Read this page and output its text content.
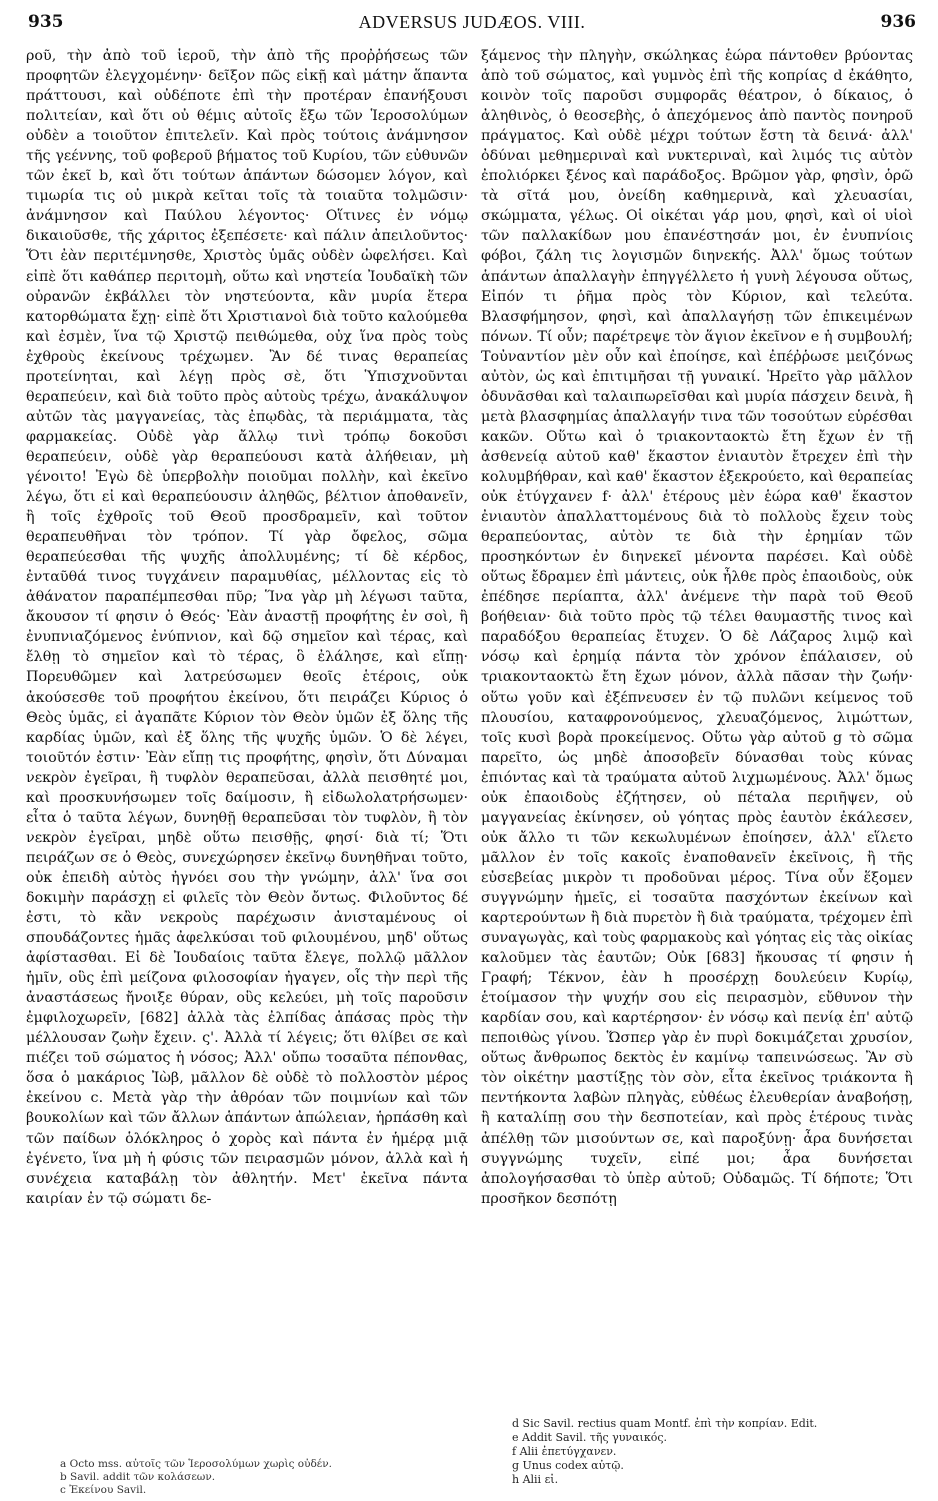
935	ADVERSUS JUDÆOS. VIII.	936

ροῦ, τὴν ἀπὸ τοῦ ἱεροῦ, τὴν ἀπὸ τῆς προῤῥήσεως τῶν προφητῶν ἐλεγχομένην· δεῖξον πῶς εἰκῇ καὶ μάτην ἅπαντα πράττουσι, καὶ οὐδέποτε ἐπὶ τὴν προτέραν ἐπανήξουσι πολιτείαν, καὶ ὅτι οὐ θέμις αὐτοῖς ἔξω τῶν Ἱεροσολύμων οὐδὲν a τοιοῦτον ἐπιτελεῖν. Καὶ πρὸς τούτοις ἀνάμνησον τῆς γεέννης, τοῦ φοβεροῦ βήματος τοῦ Κυρίου, τῶν εὐθυνῶν τῶν ἐκεῖ b, καὶ ὅτι τούτων ἁπάντων δώσομεν λόγον, καὶ τιμωρία τις οὐ μικρὰ κεῖται τοῖς τὰ τοιαῦτα τολμῶσιν· ἀνάμνησον καὶ Παύλου λέγοντος· Οἵτινες ἐν νόμῳ δικαιοῦσθε, τῆς χάριτος ἐξεπέσετε· καὶ πάλιν ἀπειλοῦντος· Ὅτι ἐὰν περιτέμνησθε, Χριστὸς ὑμᾶς οὐδὲν ὠφελήσει. Καὶ εἰπὲ ὅτι καθάπερ περιτομὴ, οὕτω καὶ νηστεία Ἰουδαϊκὴ τῶν οὐρανῶν ἐκβάλλει τὸν νηστεύοντα, κἂν μυρία ἕτερα κατορθώματα ἔχῃ· εἰπὲ ὅτι Χριστιανοὶ διὰ τοῦτο καλούμεθα καὶ ἐσμὲν, ἵνα τῷ Χριστῷ πειθώμεθα, οὐχ ἵνα πρὸς τοὺς ἐχθροὺς ἐκείνους τρέχωμεν. Ἂν δέ τινας θεραπείας προτείνηται, καὶ λέγῃ πρὸς σὲ, ὅτι Ὑπισχνοῦνται θεραπεύειν, καὶ διὰ τοῦτο πρὸς αὐτοὺς τρέχω, ἀνακάλυψον αὐτῶν τὰς μαγγανείας, τὰς ἐπῳδὰς, τὰ περιάμματα, τὰς φαρμακείας. Οὐδὲ γὰρ ἄλλῳ τινὶ τρόπῳ δοκοῦσι θεραπεύειν, οὐδὲ γὰρ θεραπεύουσι κατὰ ἀλήθειαν, μὴ γένοιτο! Ἐγὼ δὲ ὑπερβολὴν ποιοῦμαι πολλὴν, καὶ ἐκεῖνο λέγω, ὅτι εἰ καὶ θεραπεύουσιν ἀληθῶς, βέλτιον ἀποθανεῖν, ἢ τοῖς ἐχθροῖς τοῦ Θεοῦ προσδραμεῖν, καὶ τοῦτον θεραπευθῆναι τὸν τρόπον. Τί γὰρ ὄφελος, σῶμα θεραπεύεσθαι τῆς ψυχῆς ἀπολλυμένης; τί δὲ κέρδος, ἐνταῦθά τινος τυγχάνειν παραμυθίας, μέλλοντας εἰς τὸ ἀθάνατον παραπέμπεσθαι πῦρ; Ἵνα γὰρ μὴ λέγωσι ταῦτα, ἄκουσον τί φησιν ὁ Θεός· Ἐὰν ἀναστῇ προφήτης ἐν σοὶ, ἢ ἐνυπνιαζόμενος ἐνύπνιον, καὶ δῷ σημεῖον καὶ τέρας, καὶ ἔλθῃ τὸ σημεῖον καὶ τὸ τέρας, ὃ ἐλάλησε, καὶ εἴπῃ· Πορευθῶμεν καὶ λατρεύσωμεν θεοῖς ἑτέροις, οὐκ ἀκούσεσθε τοῦ προφήτου ἐκείνου, ὅτι πειράζει Κύριος ὁ Θεὸς ὑμᾶς, εἰ ἀγαπᾶτε Κύριον τὸν Θεὸν ὑμῶν ἐξ ὅλης τῆς καρδίας ὑμῶν, καὶ ἐξ ὅλης τῆς ψυχῆς ὑμῶν. Ὁ δὲ λέγει, τοιοῦτόν ἐστιν· Ἐὰν εἴπῃ τις προφήτης, φησὶν, ὅτι Δύναμαι νεκρὸν ἐγεῖραι, ἢ τυφλὸν θεραπεῦσαι, ἀλλὰ πεισθητέ μοι, καὶ προσκυνήσωμεν τοῖς δαίμοσιν, ἢ εἰδωλολατρήσωμεν· εἶτα ὁ ταῦτα λέγων, δυνηθῇ θεραπεῦσαι τὸν τυφλὸν, ἢ τὸν νεκρὸν ἐγεῖραι, μηδὲ οὕτω πεισθῇς, φησί· διὰ τί; Ὅτι πειράζων σε ὁ Θεὸς, συνεχώρησεν ἐκεῖνῳ δυνηθῆναι τοῦτο, οὐκ ἐπειδὴ αὐτὸς ἠγνόει σου τὴν γνώμην, ἀλλ' ἵνα σοι δοκιμὴν παράσχῃ εἰ φιλεῖς τὸν Θεὸν ὄντως. Φιλοῦντος δέ ἐστι, τὸ κἂν νεκροὺς παρέχωσιν ἀνισταμένους οἱ σπουδάζοντες ἡμᾶς ἀφελκύσαι τοῦ φιλουμένου, μηδ' οὕτως ἀφίστασθαι. Εἰ δὲ Ἰουδαίοις ταῦτα ἔλεγε, πολλῷ μᾶλλον ἡμῖν, οὓς ἐπὶ μείζονα φιλοσοφίαν ἠγαγεν, οἷς τὴν περὶ τῆς ἀναστάσεως ἤνοιξε θύραν, οὓς κελεύει, μὴ τοῖς παροῦσιν ἐμφιλοχωρεῖν, [682] ἀλλὰ τὰς ἐλπίδας ἁπάσας πρὸς τὴν μέλλουσαν ζωὴν ἔχειν. ς'. Ἀλλὰ τί λέγεις; ὅτι θλίβει σε καὶ πιέζει τοῦ σώματος ἡ νόσος; Ἀλλ' οὔπω τοσαῦτα πέπονθας, ὅσα ὁ μακάριος Ἰὼβ, μᾶλλον δὲ οὐδὲ τὸ πολλοστὸν μέρος ἐκείνου c. Μετὰ γὰρ τὴν ἀθρόαν τῶν ποιμνίων καὶ τῶν βουκολίων καὶ τῶν ἄλλων ἁπάντων ἀπώλειαν, ἡρπάσθη καὶ τῶν παίδων ὁλόκληρος ὁ χορὸς καὶ πάντα ἐν ἡμέρᾳ μιᾷ ἐγένετο, ἵνα μὴ ἡ φύσις τῶν πειρασμῶν μόνον, ἀλλὰ καὶ ἡ συνέχεια καταβάλῃ τὸν ἀθλητήν. Μετ' ἐκεῖνα πάντα καιρίαν ἐν τῷ σώματι δε-

ξάμενος τὴν πληγὴν, σκώληκας ἑώρα πάντοθεν βρύοντας ἀπὸ τοῦ σώματος, καὶ γυμνὸς ἐπὶ τῆς κοπρίας d ἐκάθητο, κοινὸν τοῖς παροῦσι συμφορᾶς θέατρον, ὁ δίκαιος, ὁ ἀληθινὸς, ὁ θεοσεβὴς, ὁ ἀπεχόμενος ἀπὸ παντὸς πονηροῦ πράγματος. Καὶ οὐδὲ μέχρι τούτων ἔστη τὰ δεινά· ἀλλ' ὀδύναι μεθημεριναὶ καὶ νυκτεριναὶ, καὶ λιμός τις αὐτὸν ἐπολιόρκει ξένος καὶ παράδοξος. Βρῶμον γὰρ, φησὶν, ὁρῶ τὰ σῖτά μου, ὀνείδη καθημερινὰ, καὶ χλευασίαι, σκώμματα, γέλως. Οἱ οἰκέται γάρ μου, φησὶ, καὶ οἱ υἱοὶ τῶν παλλακίδων μου ἐπανέστησάν μοι, ἐν ἐνυπνίοις φόβοι, ζάλη τις λογισμῶν διηνεκής. Ἀλλ' ὅμως τούτων ἁπάντων ἀπαλλαγὴν ἐπηγγέλλετο ἡ γυνὴ λέγουσα οὕτως, Εἰπόν τι ῥῆμα πρὸς τὸν Κύριον, καὶ τελεύτα. Βλασφήμησον, φησὶ, καὶ ἀπαλλαγήσῃ τῶν ἐπικειμένων πόνων. Τί οὖν; παρέτρεψε τὸν ἅγιον ἐκεῖνον e ἡ συμβουλή; Τοὐναντίον μὲν οὖν καὶ ἐποίησε, καὶ ἐπέῤῥωσε μειζόνως αὐτὸν, ὡς καὶ ἐπιτιμῆσαι τῇ γυναικί. Ἡρεῖτο γὰρ μᾶλλον ὀδυνᾶσθαι καὶ ταλαιπωρεῖσθαι καὶ μυρία πάσχειν δεινὰ, ἢ μετὰ βλασφημίας ἀπαλλαγήν τινα τῶν τοσούτων εὑρέσθαι κακῶν. Οὕτω καὶ ὁ τριακονταοκτὼ ἔτη ἔχων ἐν τῇ ἀσθενείᾳ αὐτοῦ καθ' ἕκαστον ἐνιαυτὸν ἔτρεχεν ἐπὶ τὴν κολυμβήθραν, καὶ καθ' ἕκαστον ἐξεκρούετο, καὶ θεραπείας οὐκ ἐτύγχανεν f· ἀλλ' ἑτέρους μὲν ἑώρα καθ' ἕκαστον ἐνιαυτὸν ἀπαλλαττομένους διὰ τὸ πολλοὺς ἔχειν τοὺς θεραπεύοντας, αὐτὸν τε διὰ τὴν ἐρημίαν τῶν προσηκόντων ἐν διηνεκεῖ μένοντα παρέσει. Καὶ οὐδὲ οὕτως ἔδραμεν ἐπὶ μάντεις, οὐκ ἦλθε πρὸς ἐπαοιδοὺς, οὐκ ἐπέδησε περίαπτα, ἀλλ' ἀνέμενε τὴν παρὰ τοῦ Θεοῦ βοήθειαν· διὰ τοῦτο πρὸς τῷ τέλει θαυμαστῆς τινος καὶ παραδόξου θεραπείας ἔτυχεν. Ὁ δὲ Λάζαρος λιμῷ καὶ νόσῳ καὶ ἐρημίᾳ πάντα τὸν χρόνον ἐπάλαισεν, οὐ τριακονταοκτὼ ἔτη ἔχων μόνον, ἀλλὰ πᾶσαν τὴν ζωήν· οὕτω γοῦν καὶ ἐξέπνευσεν ἐν τῷ πυλῶνι κείμενος τοῦ πλουσίου, καταφρονούμενος, χλευαζόμενος, λιμώττων, τοῖς κυσὶ βορὰ προκείμενος. Οὕτω γὰρ αὐτοῦ g τὸ σῶμα παρεῖτο, ὡς μηδὲ ἀποσοβεῖν δύνασθαι τοὺς κύνας ἐπιόντας καὶ τὰ τραύματα αὐτοῦ λιχμωμένους. Ἀλλ' ὅμως οὐκ ἐπαοιδοὺς ἐζήτησεν, οὐ πέταλα περιῆψεν, οὐ μαγγανείας ἐκίνησεν, οὐ γόητας πρὸς ἑαυτὸν ἐκάλεσεν, οὐκ ἄλλο τι τῶν κεκωλυμένων ἐποίησεν, ἀλλ' εἵλετο μᾶλλον ἐν τοῖς κακοῖς ἐναποθανεῖν ἐκεῖνοις, ἢ τῆς εὐσεβείας μικρὸν τι προδοῦναι μέρος. Τίνα οὖν ἕξομεν συγγνώμην ἡμεῖς, εἰ τοσαῦτα πασχόντων ἐκείνων καὶ καρτερούντων ἢ διὰ πυρετὸν ἢ διὰ τραύματα, τρέχομεν ἐπὶ συναγωγὰς, καὶ τοὺς φαρμακοὺς καὶ γόητας εἰς τὰς οἰκίας καλοῦμεν τὰς ἑαυτῶν; Οὐκ [683] ἤκουσας τί φησιν ἡ Γραφή; Τέκνον, ἐὰν h προσέρχῃ δουλεύειν Κυρίῳ, ἑτοίμασον τὴν ψυχήν σου εἰς πειρασμὸν, εὔθυνον τὴν καρδίαν σου, καὶ καρτέρησον· ἐν νόσῳ καὶ πενίᾳ ἐπ' αὐτῷ πεποιθὼς γίνου. Ὥσπερ γὰρ ἐν πυρὶ δοκιμάζεται χρυσίον, οὕτως ἄνθρωπος δεκτὸς ἐν καμίνῳ ταπεινώσεως. Ἂν σὺ τὸν οἰκέτην μαστίξῃς τὸν σὸν, εἶτα ἐκεῖνος τριάκοντα ἢ πεντήκοντα λαβὼν πληγὰς, εὐθέως ἐλευθερίαν ἀναβοήσῃ, ἢ καταλίπῃ σου τὴν δεσποτείαν, καὶ πρὸς ἑτέρους τινὰς ἀπέλθῃ τῶν μισούντων σε, καὶ παροξύνῃ· ἆρα δυνήσεται συγγνώμης τυχεῖν, εἰπέ μοι; ἆρα δυνήσεται ἀπολογήσασθαι τὸ ὑπὲρ αὐτοῦ; Οὐδαμῶς. Τί δήποτε; Ὅτι προσῆκον δεσπότῃ

a Octo mss. αὐτοῖς τῶν Ἱεροσολύμων χωρὶς οὐδέν.
b Savil. addit τῶν κολάσεων.
c Ἐκείνου Savil.
d Sic Savil. rectius quam Montf. ἐπὶ τὴν κοπρίαν. Edit.
e Addit Savil. τῆς γυναικός.
f Alii ἐπετύγχανεν.
g Unus codex αὐτῷ.
h Alii εἰ.
